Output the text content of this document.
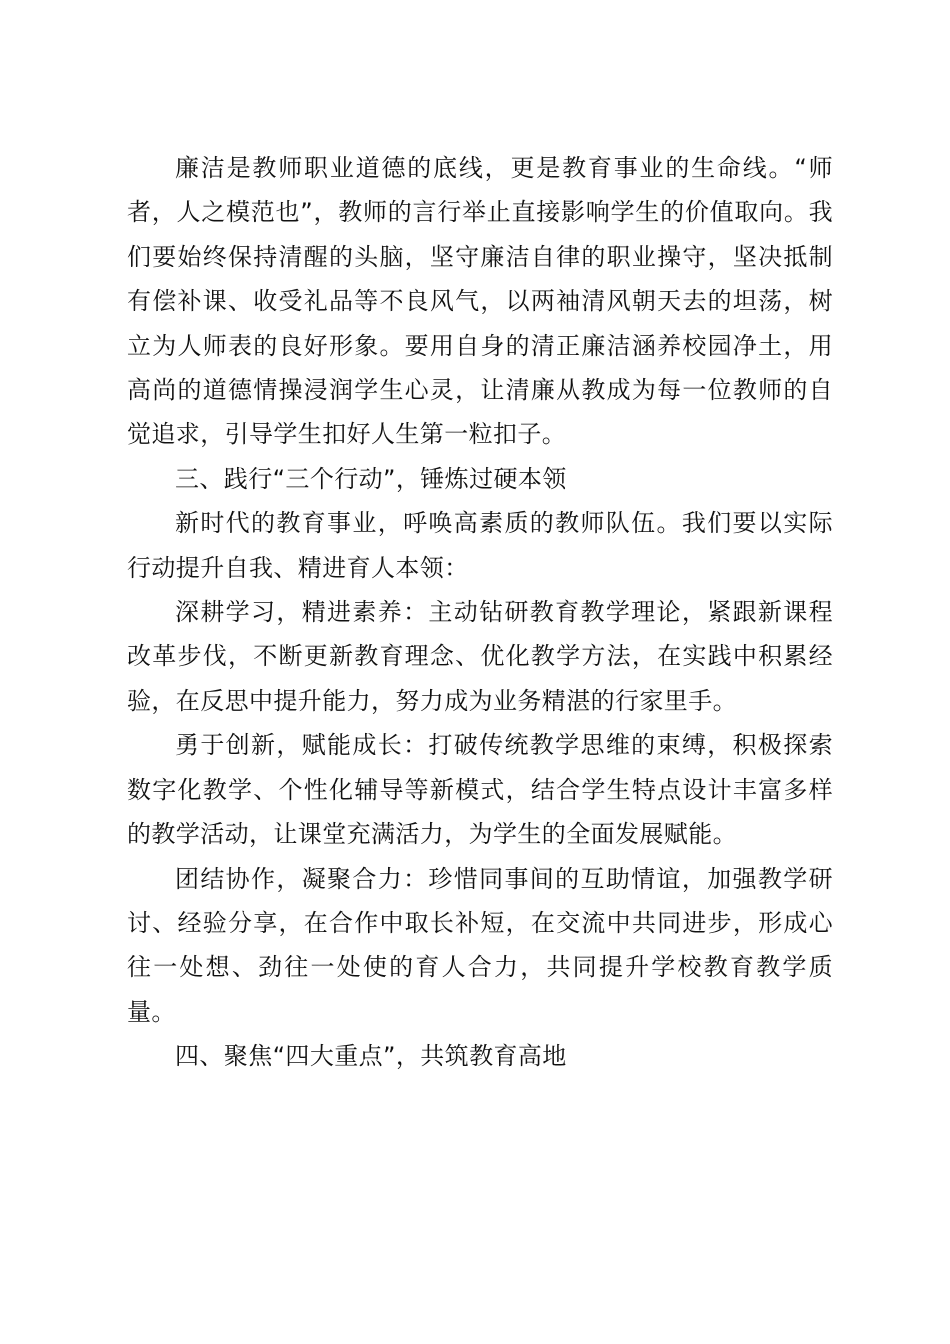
廉洁是教师职业道德的底线，更是教育事业的生命线。“师者，人之模范也”，教师的言行举止直接影响学生的价值取向。我们要始终保持清醒的头脑，坚守廉洁自律的职业操守，坚决抵制有偿补课、收受礼品等不良风气，以两袖清风朝天去的坦荡，树立为人师表的良好形象。要用自身的清正廉洁涵养校园净土，用高尚的道德情操浸润学生心灵，让清廉从教成为每一位教师的自觉追求，引导学生扣好人生第一粒扣子。

三、践行“三个行动”，锤炼过硬本领

新时代的教育事业，呼唤高素质的教师队伍。我们要以实际行动提升自我、精进育人本领：

深耕学习，精进素养：主动钻研教育教学理论，紧跟新课程改革步伐，不断更新教育理念、优化教学方法，在实践中积累经验，在反思中提升能力，努力成为业务精湛的行家里手。

勇于创新，赋能成长：打破传统教学思维的束缚，积极探索数字化教学、个性化辅导等新模式，结合学生特点设计丰富多样的教学活动，让课堂充满活力，为学生的全面发展赋能。

团结协作，凝聚合力：珍惜同事间的互助情谊，加强教学研讨、经验分享，在合作中取长补短，在交流中共同进步，形成心往一处想、劲往一处使的育人合力，共同提升学校教育教学质量。

四、聚焦“四大重点”，共筑教育高地
